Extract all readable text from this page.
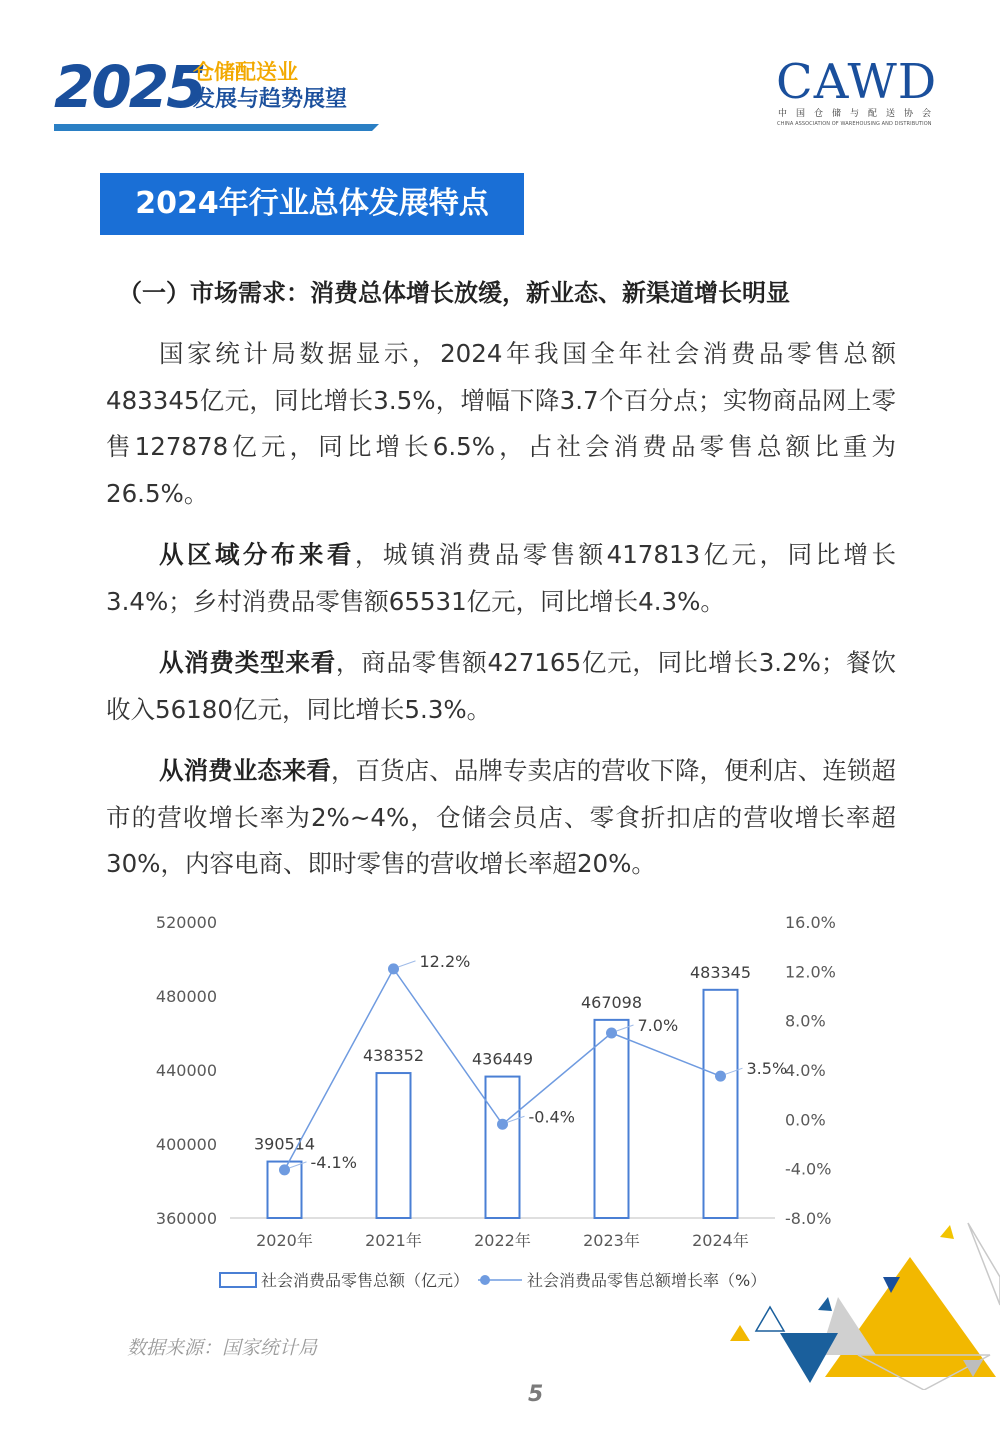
2025
仓储配送业
发展与趋势展望	CAWD
中国仓储与配送协会
CHINA ASSOCIATION OF WAREHOUSING AND DISTRIBUTION
2024年行业总体发展特点
（一）市场需求：消费总体增长放缓，新业态、新渠道增长明显
国家统计局数据显示，2024年我国全年社会消费品零售总额483345亿元，同比增长3.5%，增幅下降3.7个百分点；实物商品网上零售127878亿元，同比增长6.5%，占社会消费品零售总额比重为26.5%。
从区域分布来看，城镇消费品零售额417813亿元，同比增长3.4%；乡村消费品零售额65531亿元，同比增长4.3%。
从消费类型来看，商品零售额427165亿元，同比增长3.2%；餐饮收入56180亿元，同比增长5.3%。
从消费业态来看，百货店、品牌专卖店的营收下降，便利店、连锁超市的营收增长率为2%~4%，仓储会员店、零食折扣店的营收增长率超30%，内容电商、即时零售的营收增长率超20%。
360000
400000
440000
480000
520000
-8.0%
-4.0%
0.0%
4.0%
8.0%
12.0%
16.0%
2020年	2021年	2022年	2023年	2024年
390514
438352	436449
467098
483345
-4.1%
12.2%
-0.4%
7.0%
3.5%
社会消费品零售总额（亿元）	社会消费品零售总额增长率（%）
数据来源：国家统计局
5
